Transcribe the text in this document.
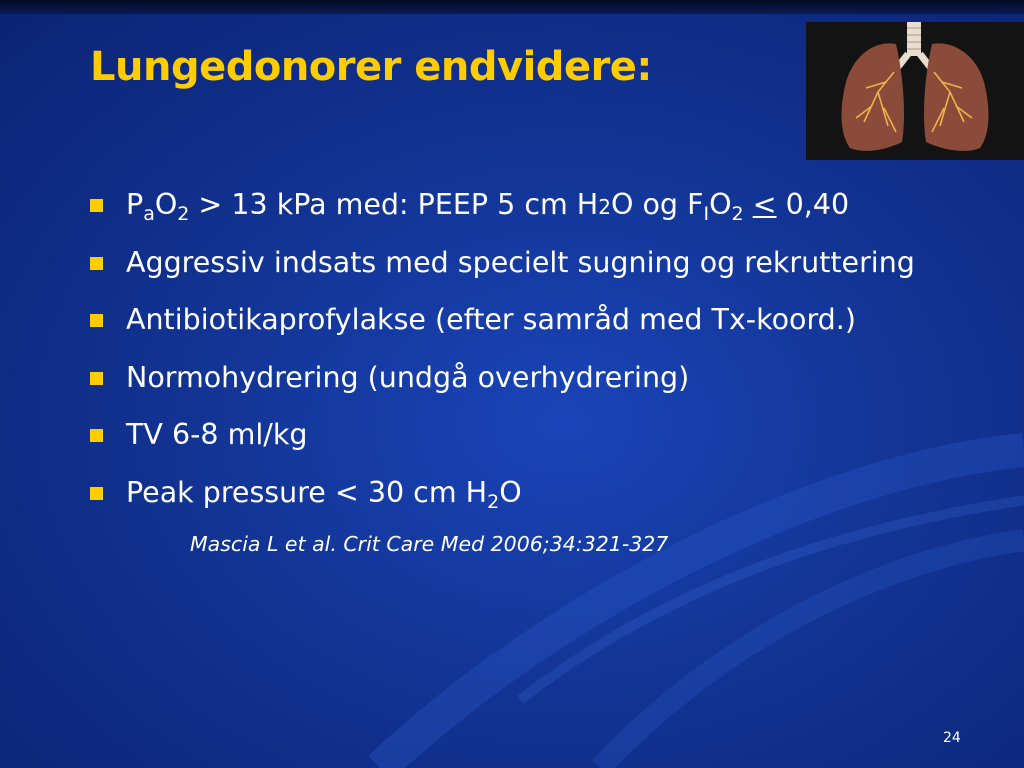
Lungedonorer endvidere:
$P_aO_2 > 13$ kPa med: PEEP 5 cm H2O og $F_IO_2 < 0,40$
Aggressiv indsats med specielt sugning og rekruttering
Antibiotikaprofylakse (efter samråd med Tx-koord.)
Normohydrering (undgå overhydrering)
TV 6-8 ml/kg
Peak pressure < 30 cm $H_2O$
Mascia L et al. Crit Care Med 2006;34:321-327
24
